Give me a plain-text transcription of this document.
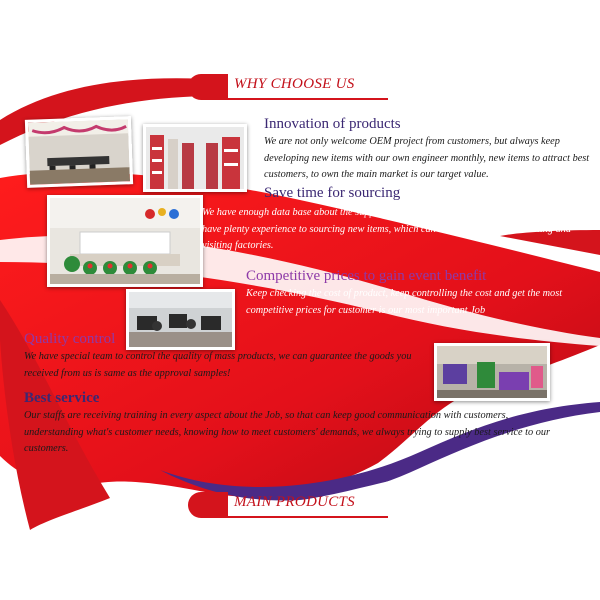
WHY CHOOSE US
Innovation of products
We are not only welcome OEM project from customers, but always keep developing new items with our own engineer monthly, new items to attract best customers, to own the main market is our target value.
Save time for sourcing
We have enough data base about the supplier information all over the China, and our staffs have plenty experience to sourcing new items, which can avoiding you keep traveling and visiting factories.
Competitive prices to gain event benefit
Keep checking the cost of product, keep controlling the cost and get the most competitive prices for customer is our most important Job
Quality control
We have special team to control the quality of mass products, we can guarantee the goods you received from us is same as the approval samples!
Best service
Our staffs are receiving training in every aspect about the Job, so that can keep good communication with customers, understanding what's customer needs, knowing how to meet customers' demands, we always trying to supply best service to our customers.
MAIN PRODUCTS
